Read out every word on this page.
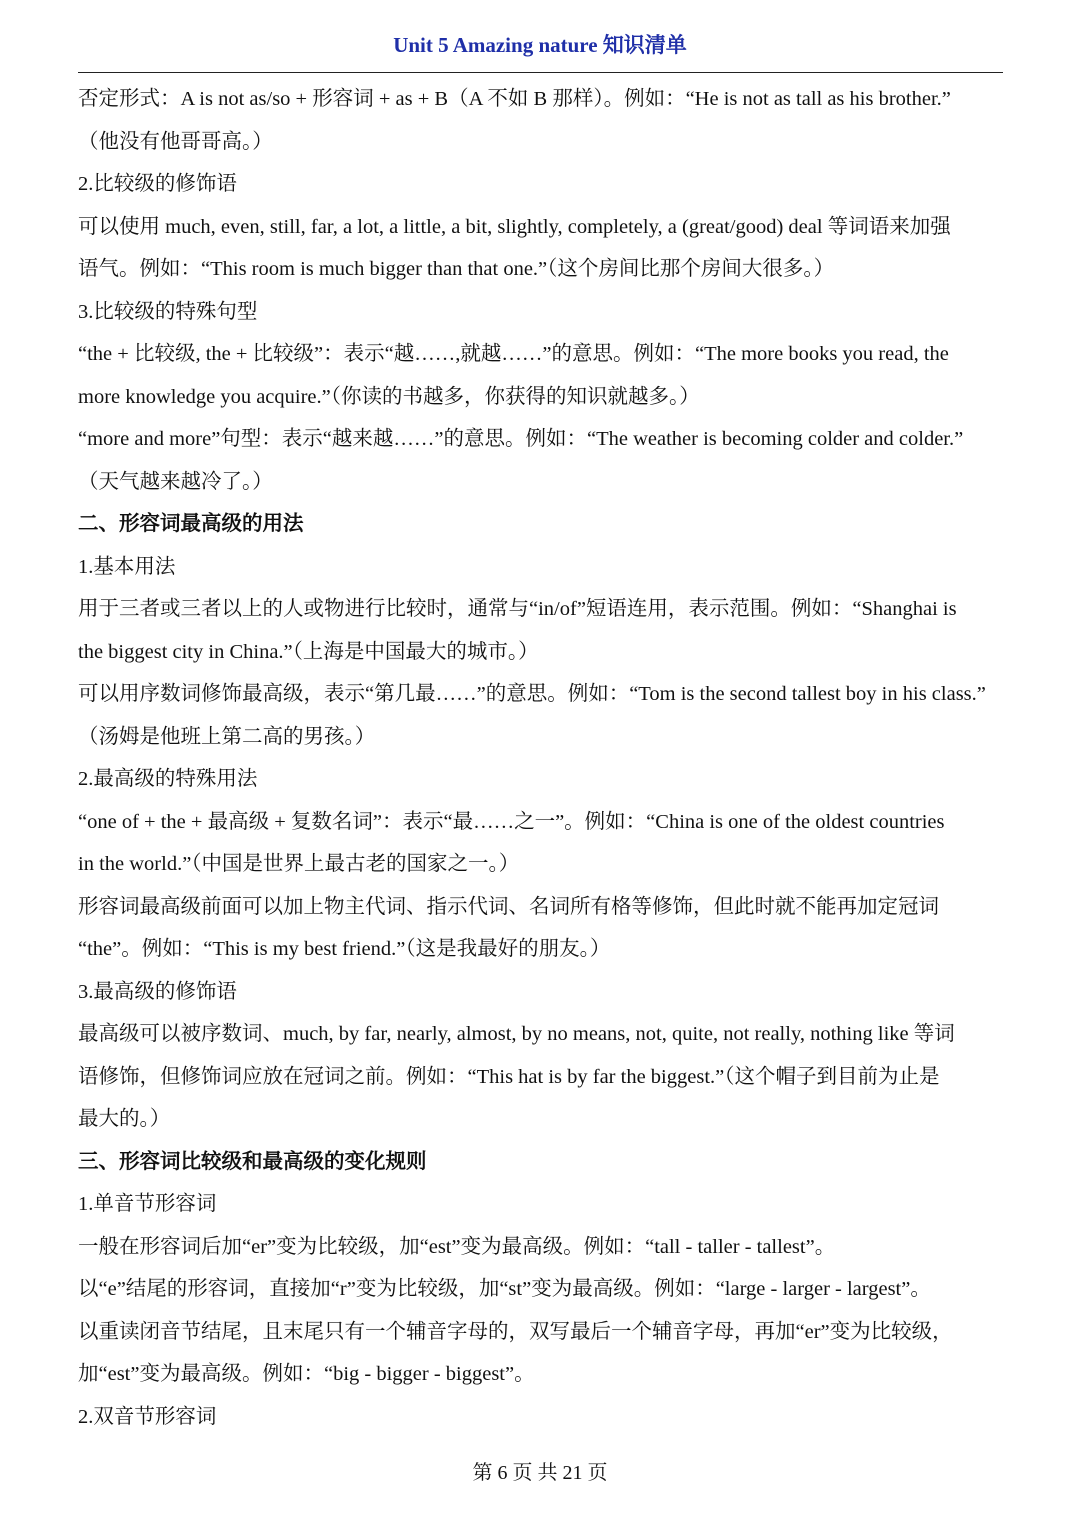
Unit 5 Amazing nature 知识清单
否定形式：A is not as/so + 形容词 + as + B（A 不如 B 那样）。例如：“He is not as tall as his brother.”
（他没有他哥哥高。）
2.比较级的修饰语
可以使用 much, even, still, far, a lot, a little, a bit, slightly, completely, a (great/good) deal 等词语来加强
语气。例如：“This room is much bigger than that one.”（这个房间比那个房间大很多。）
3.比较级的特殊句型
“the + 比较级, the + 比较级”：表示“越……,就越……”的意思。例如：“The more books you read, the
more knowledge you acquire.”（你读的书越多，你获得的知识就越多。）
“more and more”句型：表示“越来越……”的意思。例如：“The weather is becoming colder and colder.”
（天气越来越冷了。）
二、形容词最高级的用法
1.基本用法
用于三者或三者以上的人或物进行比较时，通常与“in/of”短语连用，表示范围。例如：“Shanghai is
the biggest city in China.”（上海是中国最大的城市。）
可以用序数词修饰最高级，表示“第几最……”的意思。例如：“Tom is the second tallest boy in his class.”
（汤姆是他班上第二高的男孩。）
2.最高级的特殊用法
“one of + the + 最高级 + 复数名词”：表示“最……之一”。例如：“China is one of the oldest countries
in the world.”（中国是世界上最古老的国家之一。）
形容词最高级前面可以加上物主代词、指示代词、名词所有格等修饰，但此时就不能再加定冠词
“the”。例如：“This is my best friend.”（这是我最好的朋友。）
3.最高级的修饰语
最高级可以被序数词、much, by far, nearly, almost, by no means, not, quite, not really, nothing like 等词
语修饰，但修饰词应放在冠词之前。例如：“This hat is by far the biggest.”（这个帽子到目前为止是
最大的。）
三、形容词比较级和最高级的变化规则
1.单音节形容词
一般在形容词后加“er”变为比较级，加“est”变为最高级。例如：“tall - taller - tallest”。
以“e”结尾的形容词，直接加“r”变为比较级，加“st”变为最高级。例如：“large - larger - largest”。
以重读闭音节结尾，且末尾只有一个辅音字母的，双写最后一个辅音字母，再加“er”变为比较级，
加“est”变为最高级。例如：“big - bigger - biggest”。
2.双音节形容词
第 6 页 共 21 页
